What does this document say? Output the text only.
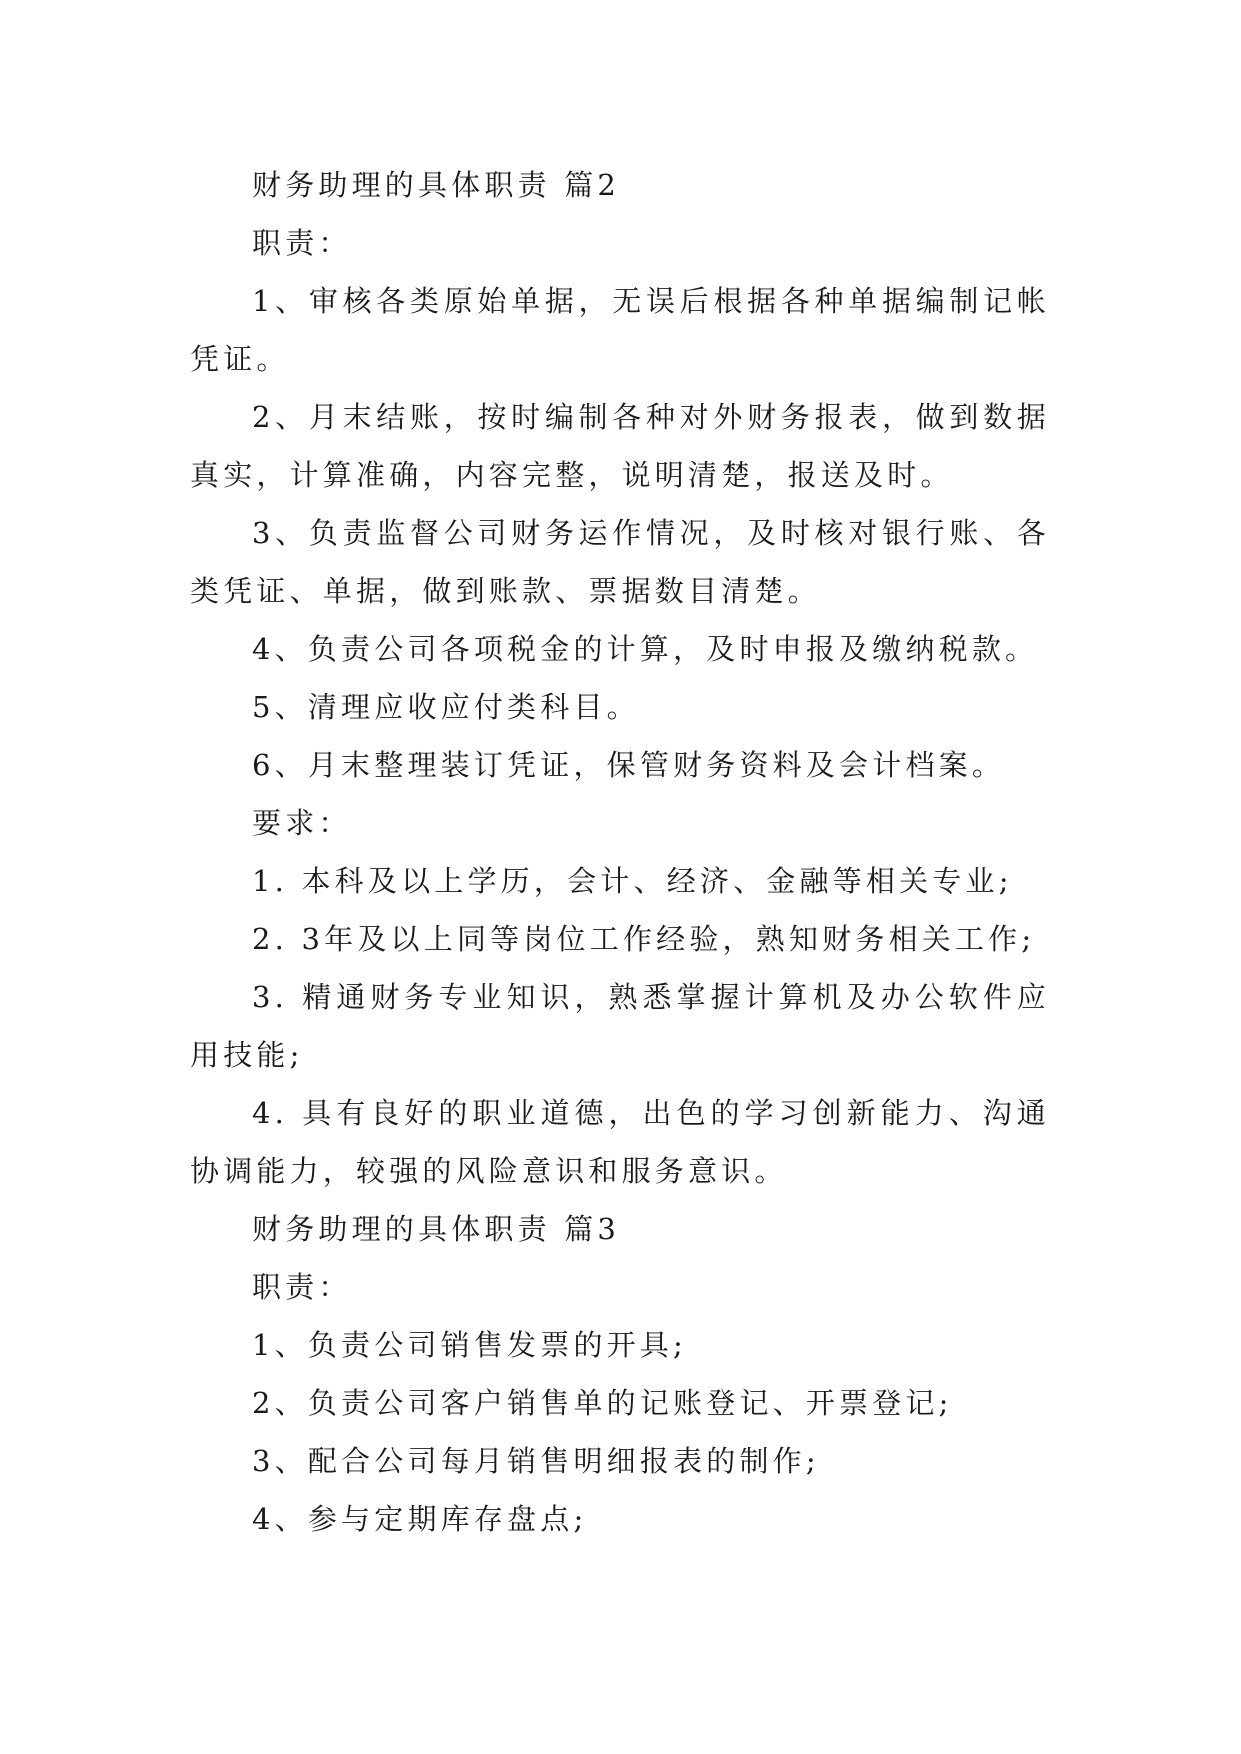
财务助理的具体职责 篇2

职责：

1、审核各类原始单据，无误后根据各种单据编制记帐凭证。

2、月末结账，按时编制各种对外财务报表，做到数据真实，计算准确，内容完整，说明清楚，报送及时。

3、负责监督公司财务运作情况，及时核对银行账、各类凭证、单据，做到账款、票据数目清楚。

4、负责公司各项税金的计算，及时申报及缴纳税款。

5、清理应收应付类科目。

6、月末整理装订凭证，保管财务资料及会计档案。

要求：

1. 本科及以上学历，会计、经济、金融等相关专业;

2. 3年及以上同等岗位工作经验，熟知财务相关工作;

3. 精通财务专业知识，熟悉掌握计算机及办公软件应用技能;

4. 具有良好的职业道德，出色的学习创新能力、沟通协调能力，较强的风险意识和服务意识。

财务助理的具体职责 篇3

职责：

1、负责公司销售发票的开具;

2、负责公司客户销售单的记账登记、开票登记;

3、配合公司每月销售明细报表的制作;

4、参与定期库存盘点;
